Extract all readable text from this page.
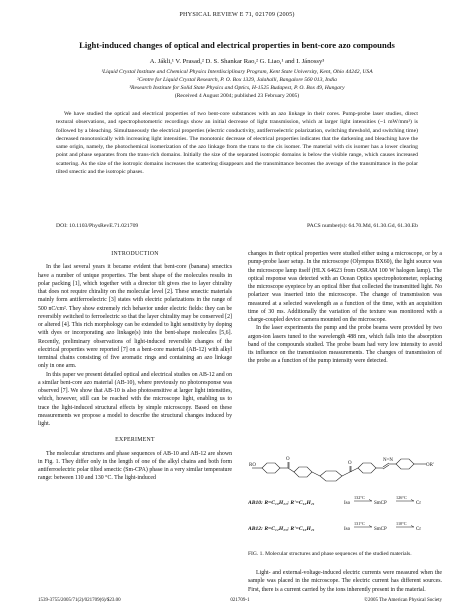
PHYSICAL REVIEW E 71, 021709 (2005)
Light-induced changes of optical and electrical properties in bent-core azo compounds
A. Jákli,¹ V. Prasad,² D. S. Shankar Rao,² G. Liao,¹ and I. Jánossy³
¹Liquid Crystal Institute and Chemical Physics Interdisciplinary Program, Kent State University, Kent, Ohio 44242, USA
²Centre for Liquid Crystal Research, P. O. Box 1329, Jalahalli, Bangalore 560 013, India
³Research Institute for Solid State Physics and Optics, H-1525 Budapest, P. O. Box 49, Hungary
(Received 4 August 2004; published 23 February 2005)
We have studied the optical and electrical properties of two bent-core substances with an azo linkage in their cores. Pump-probe laser studies, direct textural observations, and spectrophotometric recordings show an initial decrease of light transmission, which at larger light intensities (~1 mW/mm²) is followed by a bleaching. Simultaneously the electrical properties (electric conductivity, antiferroelectric polarization, switching threshold, and switching time) decreased monotonically with increasing light intensities. The monotonic decrease of electrical properties indicates that the darkening and bleaching have the same origin, namely, the photochemical isomerization of the azo linkage from the trans to the cis isomer. The material with cis isomer has a lower clearing point and phase separates from the trans-rich domains. Initially the size of the separated isotropic domains is below the visible range, which causes increased scattering. As the size of the isotropic domains increases the scattering disappears and the transmittance becomes the average of the transmittance in the polar tilted smectic and the isotropic phases.
DOI: 10.1103/PhysRevE.71.021709	PACS number(s): 64.70.Md, 61.30.Gd, 61.30.Eb
INTRODUCTION

In the last several years it became evident that bent-core (banana) smectics have a number of unique properties. The bent shape of the molecules results in polar packing [1], which together with a director tilt gives rise to layer chirality that does not require chirality on the molecular level [2]. These smectic materials mainly form antiferroelectric [3] states with electric polarizations in the range of 500 nC/cm². They show extremely rich behavior under electric fields: they can be reversibly switched to ferroelectric so that the layer chirality may be conserved [2] or altered [4]. This rich morphology can be extended to light sensitivity by doping with dyes or incorporating azo linkage(s) into the bent-shape molecules [5,6]. Recently, preliminary observations of light-induced reversible changes of the electrical properties were reported [7] on a bent-core material (AB-12) with alkyl terminal chains consisting of five aromatic rings and containing an azo linkage only in one arm.

In this paper we present detailed optical and electrical studies on AB-12 and on a similar bent-core azo material (AB-10), where previously no photoresponse was observed [7]. We show that AB-10 is also photosensitive at larger light intensities, which, however, still can be reached with the microscope light, enabling us to trace the light-induced structural effects by simple microscopy. Based on these measurements we propose a model to describe the structural changes induced by light.

EXPERIMENT

The molecular structures and phase sequences of AB-10 and AB-12 are shown in Fig. 1. They differ only in the length of one of the alkyl chains and both form antiferroelectric polar tilted smectic (Sm-CPA) phase in a very similar temperature range: between 110 and 130 °C. The light-induced

changes in their optical properties were studied either using a microscope, or by a pump-probe laser setup. In the microscope (Olympus BX60), the light source was the microscope lamp itself (HLX 64623 from OSRAM 100 W halogen lamp). The optical response was detected with an Ocean Optics spectrophotometer, replacing the microscope eyepiece by an optical fiber that collected the transmitted light. No polarizer was inserted into the microscope. The change of transmission was measured at a selected wavelength as a function of the time, with an acquisition time of 30 ms. Additionally the variation of the texture was monitored with a charge-coupled device camera mounted on the microscope.

In the laser experiments the pump and the probe beams were provided by two argon-ion lasers tuned to the wavelength 488 nm, which falls into the absorption band of the compounds studied. The probe beam had very low intensity to avoid its influence on the transmission measurements. The changes of transmission of the probe as a function of the pump intensity were detected.

RO
O
O
N=N
OR'
AB10: R=C₁₀H₂₁; R'=C₁₀H₂₁
132°C
Iso	SmCP	Cr
126°C
AB12: R=C₁₂H₂₅; R'=C₁₀H₂₁
131°C
Iso	SmCP	Cr
110°C
FIG. 1. Molecular structures and phase sequences of the studied materials.
Light- and external-voltage-induced electric currents were measured when the sample was placed in the microscope. The electric current has different sources. First, there is a current carried by the ions inherently present in the material.
1539-3755/2005/71(2)/021709(6)/$23.00	021709-1	©2005 The American Physical Society
